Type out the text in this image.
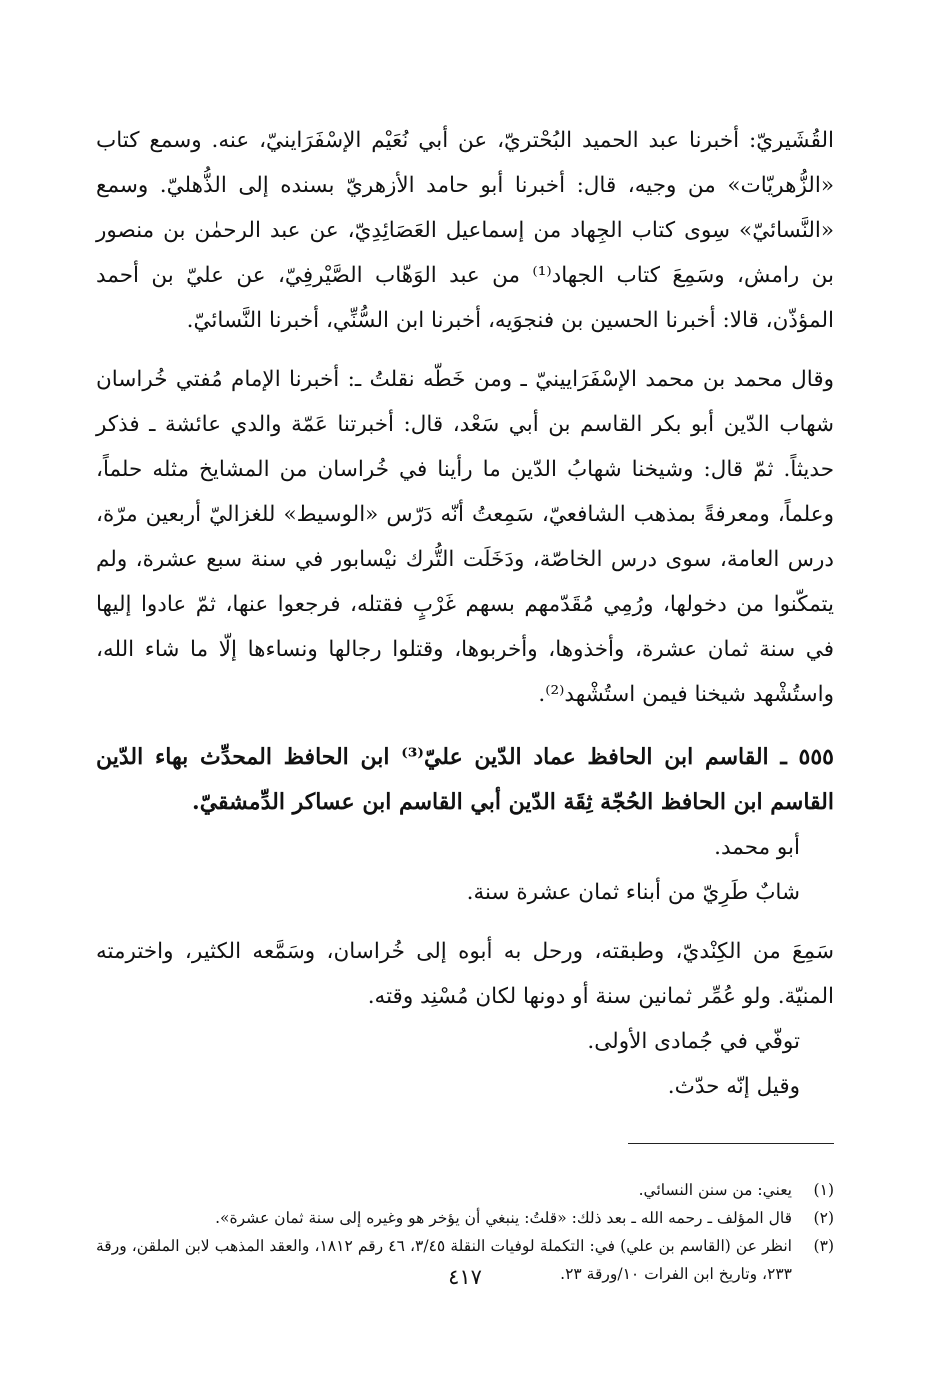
القُشَيريّ: أخبرنا عبد الحميد البُحْتريّ، عن أبي نُعَيْم الإسْفَرَاينيّ، عنه. وسمع كتاب «الزُّهريّات» من وجيه، قال: أخبرنا أبو حامد الأزهريّ بسنده إلى الذُّهليّ. وسمع «النَّسائيّ» سِوى كتاب الجِهاد من إسماعيل العَصَائِدِيّ، عن عبد الرحمٰن بن منصور بن رامش، وسَمِعَ كتاب الجهاد⁽¹⁾ من عبد الوَهّاب الصَّيْرفِيّ، عن عليّ بن أحمد المؤذّن، قالا: أخبرنا الحسين بن فنجوَيه، أخبرنا ابن السُّنِّي، أخبرنا النَّسائيّ.

وقال محمد بن محمد الإسْفَرَايينيّ ـ ومن خَطّه نقلتُ ـ: أخبرنا الإمام مُفتي خُراسان شهاب الدّين أبو بكر القاسم بن أبي سَعْد، قال: أخبرتنا عَمّة والدي عائشة ـ فذكر حديثاً. ثمّ قال: وشيخنا شهابُ الدّين ما رأينا في خُراسان من المشايخ مثله حلماً، وعلماً، ومعرفةً بمذهب الشافعيّ، سَمِعتُ أنّه دَرّس «الوسيط» للغزاليّ أربعين مرّة، درس العامة، سوى درس الخاصّة، ودَخَلَت التُّرك نيْسابور في سنة سبع عشرة، ولم يتمكّنوا من دخولها، ورُمِي مُقَدّمهم بسهم غَرْبٍ فقتله، فرجعوا عنها، ثمّ عادوا إليها في سنة ثمان عشرة، وأخذوها، وأخربوها، وقتلوا رجالها ونساءها إلّا ما شاء الله، واستُشْهد شيخنا فيمن استُشْهد⁽²⁾.

٥٥٥ ـ القاسم ابن الحافظ عماد الدّين عليّ⁽³⁾ ابن الحافظ المحدِّث بهاء الدّين القاسم ابن الحافظ الحُجّة ثِقَة الدّين أبي القاسم ابن عساكر الدِّمشقيّ.

أبو محمد.

شابٌ طَرِيّ من أبناء ثمان عشرة سنة.

سَمِعَ من الكِنْديّ، وطبقته، ورحل به أبوه إلى خُراسان، وسَمَّعه الكثير، واخترمته المنيّة. ولو عُمِّر ثمانين سنة أو دونها لكان مُسْنِد وقته.

توفّي في جُمادى الأولى.

وقيل إنّه حدّث.

(١)
يعني: من سنن النسائي.
(٢)
قال المؤلف ـ رحمه الله ـ بعد ذلك: «قلتُ: ينبغي أن يؤخر هو وغيره إلى سنة ثمان عشرة».
(٣)
انظر عن (القاسم بن علي) في: التكملة لوفيات النقلة ٣/٤٥، ٤٦ رقم ١٨١٢، والعقد المذهب لابن الملقن، ورقة ٢٣٣، وتاريخ ابن الفرات ١٠/ورقة ٢٣.
٤١٧
